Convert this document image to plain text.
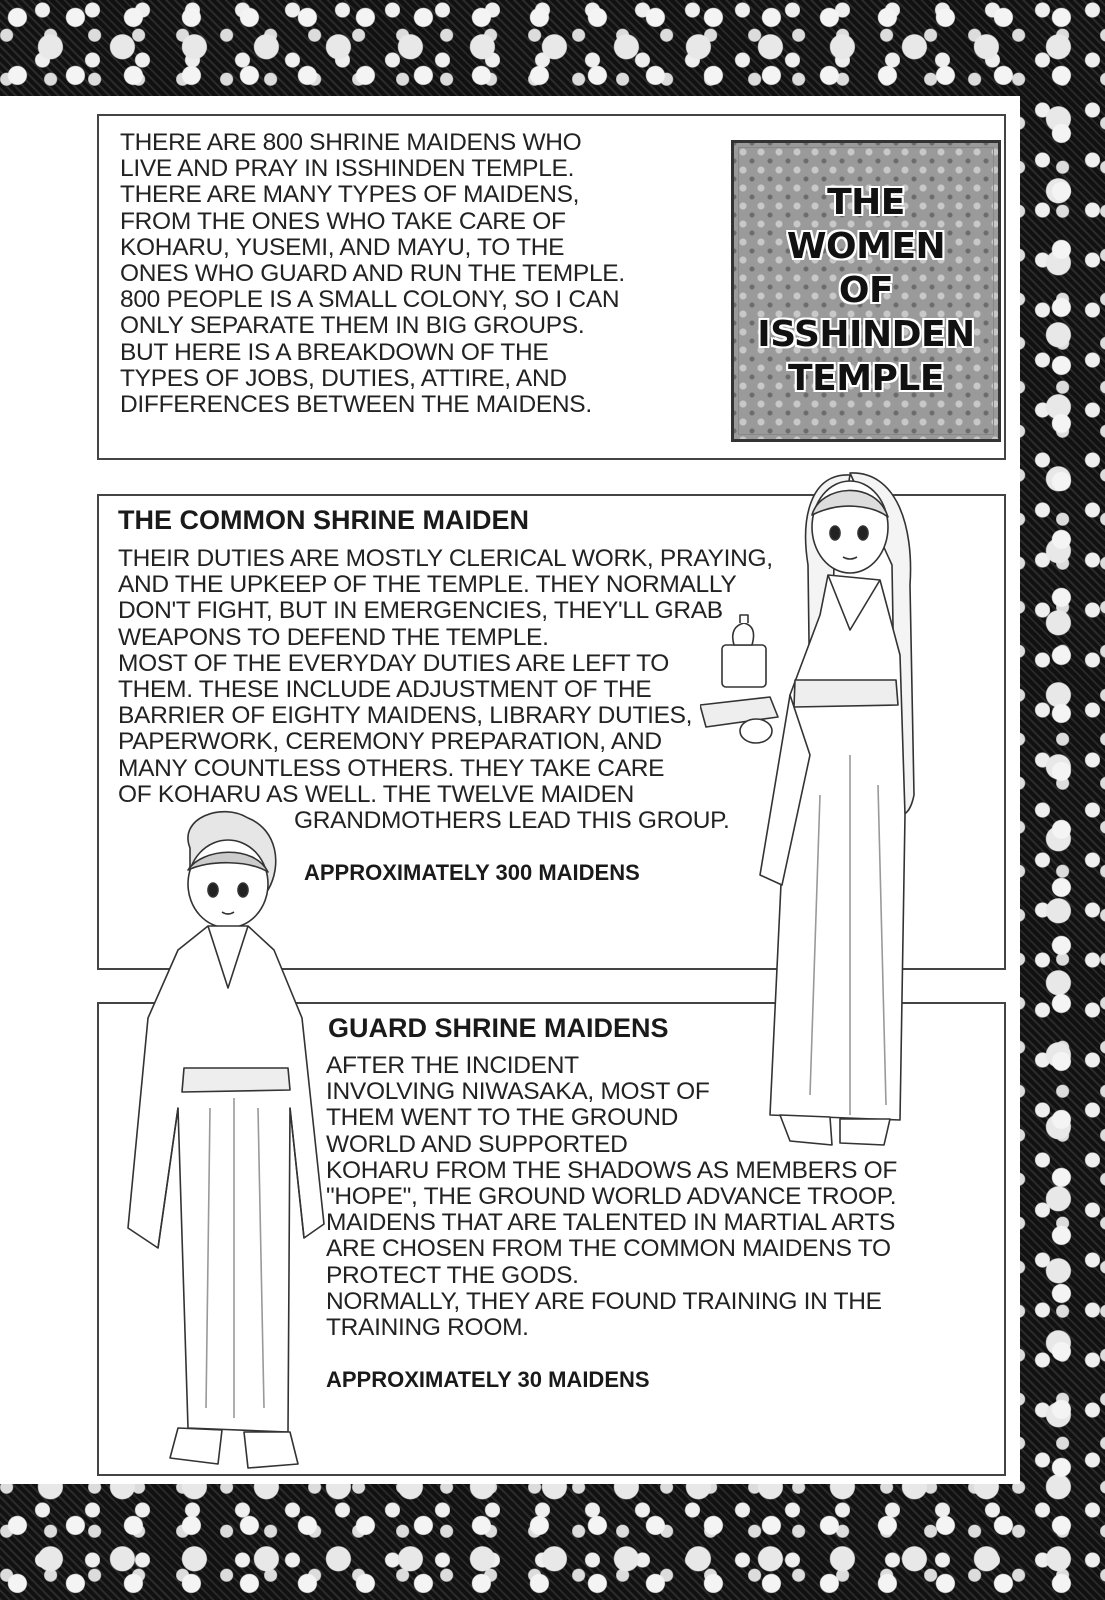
THERE ARE 800 SHRINE MAIDENS WHO
LIVE AND PRAY IN ISSHINDEN TEMPLE.
THERE ARE MANY TYPES OF MAIDENS,
FROM THE ONES WHO TAKE CARE OF
KOHARU, YUSEMI, AND MAYU, TO THE
ONES WHO GUARD AND RUN THE TEMPLE.
800 PEOPLE IS A SMALL COLONY, SO I CAN
ONLY SEPARATE THEM IN BIG GROUPS.
BUT HERE IS A BREAKDOWN OF THE
TYPES OF JOBS, DUTIES, ATTIRE, AND
DIFFERENCES BETWEEN THE MAIDENS.

THE
WOMEN
OF
ISSHINDEN
TEMPLE
THE COMMON SHRINE MAIDEN

THEIR DUTIES ARE MOSTLY CLERICAL WORK, PRAYING,
AND THE UPKEEP OF THE TEMPLE. THEY NORMALLY
DON'T FIGHT, BUT IN EMERGENCIES, THEY'LL GRAB
WEAPONS TO DEFEND THE TEMPLE.
MOST OF THE EVERYDAY DUTIES ARE LEFT TO
THEM. THESE INCLUDE ADJUSTMENT OF THE
BARRIER OF EIGHTY MAIDENS, LIBRARY DUTIES,
PAPERWORK, CEREMONY PREPARATION, AND
MANY COUNTLESS OTHERS. THEY TAKE CARE
OF KOHARU AS WELL. THE TWELVE MAIDEN

GRANDMOTHERS LEAD THIS GROUP.

APPROXIMATELY 300 MAIDENS

GUARD SHRINE MAIDENS

AFTER THE INCIDENT
INVOLVING NIWASAKA, MOST OF
THEM WENT TO THE GROUND
WORLD AND SUPPORTED
KOHARU FROM THE SHADOWS AS MEMBERS OF
"HOPE", THE GROUND WORLD ADVANCE TROOP.
MAIDENS THAT ARE TALENTED IN MARTIAL ARTS
ARE CHOSEN FROM THE COMMON MAIDENS TO
PROTECT THE GODS.
NORMALLY, THEY ARE FOUND TRAINING IN THE
TRAINING ROOM.

APPROXIMATELY 30 MAIDENS
